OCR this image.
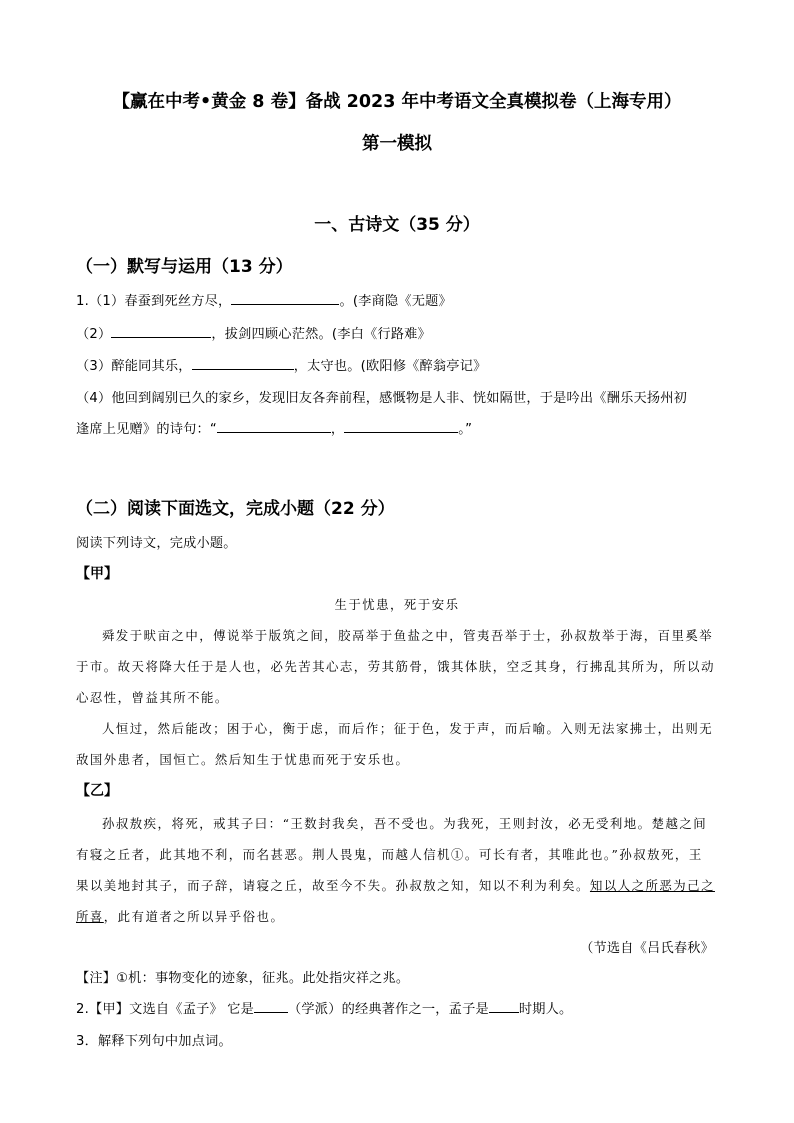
【赢在中考•黄金 8 卷】备战 2023 年中考语文全真模拟卷（上海专用）
第一模拟
一、古诗文（35 分）
（一）默写与运用（13 分）
1.（1）春蚕到死丝方尽，	。(李商隐《无题》
（2）	，拔剑四顾心茫然。(李白《行路难》
（3）醉能同其乐，	，太守也。(欧阳修《醉翁亭记》
（4）他回到阔别已久的家乡，发现旧友各奔前程，感慨物是人非、恍如隔世，于是吟出《酬乐天扬州初
逢席上见赠》的诗句：“	，	。”
（二）阅读下面选文，完成小题（22 分）
阅读下列诗文，完成小题。
【甲】
生于忧患，死于安乐
舜发于畎亩之中，傅说举于版筑之间，胶鬲举于鱼盐之中，管夷吾举于士，孙叔敖举于海，百里奚举
于市。故天将降大任于是人也，必先苦其心志，劳其筋骨，饿其体肤，空乏其身，行拂乱其所为，所以动
心忍性，曾益其所不能。
人恒过，然后能改；困于心，衡于虑，而后作；征于色，发于声，而后喻。入则无法家拂士，出则无
敌国外患者，国恒亡。然后知生于忧患而死于安乐也。
【乙】
孙叔敖疾，将死，戒其子曰：“王数封我矣，吾不受也。为我死，王则封汝，必无受利地。楚越之间
有寝之丘者，此其地不利，而名甚恶。荆人畏鬼，而越人信机①。可长有者，其唯此也。”孙叔敖死，王
果以美地封其子，而子辞，请寝之丘，故至今不失。孙叔敖之知，知以不利为利矣。知以人之所恶为己之
所喜，此有道者之所以异乎俗也。
（节选自《吕氏春秋》
【注】①机：事物变化的迹象，征兆。此处指灾祥之兆。
2.【甲】文选自《孟子》 它是	（学派）的经典著作之一，孟子是 时期人。
3．解释下列句中加点词。
